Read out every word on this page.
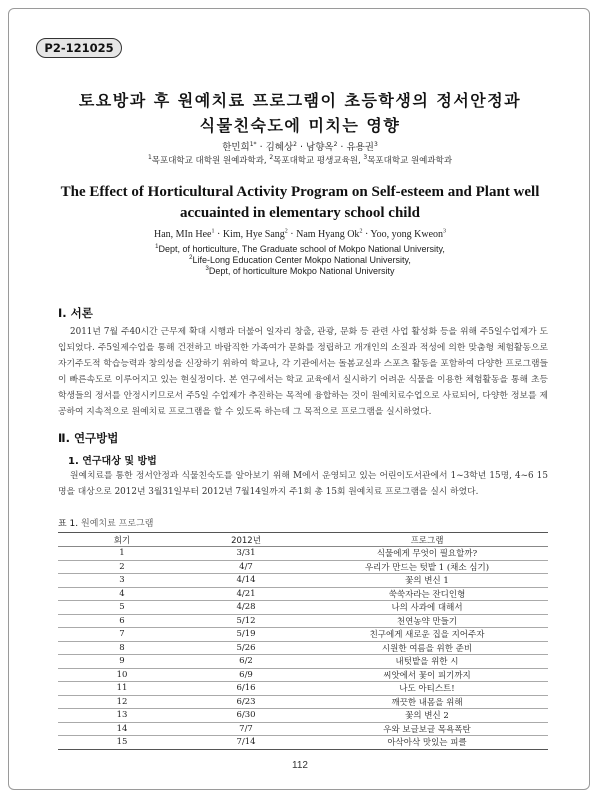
P2-121025
토요방과 후 원예치료 프로그램이 초등학생의 정서안정과
식물친숙도에 미치는 영향
한민희$^{1*}$ · 김혜상$^2$ · 남향옥$^2$ · 유용권$^3$
$^1$목포대학교 대학원 원예과학과, $^2$목포대학교 평생교육원, $^3$목포대학교 원예과학과
The Effect of Horticultural Activity Program on Self-esteem and Plant well
accuainted in elementary school child
Han, MIn Hee$^1$ · Kim, Hye Sang$^2$ · Nam Hyang $Ok^2$ · Yoo, yong Kweon$^3$
$^1$Dept, of horticulture, The Graduate school of Mokpo National University,
$^2$Life-Long Education Center Mokpo National University,
$^3$Dept, of horticulture Mokpo National University
Ⅰ. 서론

2011년 7월 주40시간 근무제 확대 시행과 더불어 일자리 창출, 관광, 문화 등 관련 사업 활성화 등을 위해 주5일수업제가 도입되었다. 주5일제수업을 통해 건전하고 바람직한 가족여가 문화를 정립하고 개개인의 소질과 적성에 의한 맞춤형 체험활동으로 자기주도적 학습능력과 창의성을 신장하기 위하여 학교나, 각 기관에서는 돌봄교실과 스포츠 활동을 포함하여 다양한 프로그램들이 빠른속도로 이루어지고 있는 현실정이다. 본 연구에서는 학교 교육에서 실시하기 어려운 식물을 이용한 체험활동을 통해 초등학생들의 정서를 안정시키므로서 주5일 수업제가 추진하는 목적에 융합하는 것이 원예치료수업으로 사료되어, 다양한 정보를 제공하여 지속적으로 원예치료 프로그램을 할 수 있도록 하는데 그 목적으로 프로그램을 실시하였다.

Ⅱ. 연구방법
1. 연구대상 및 방법

원예치료를 통한 정서안정과 식물친숙도를 알아보기 위해 M에서 운영되고 있는 어린이도서관에서 1~3학년 15명, 4~6 15명을 대상으로 2012년 3월31일부터 2012년 7월14일까지 주1회 총 15회 원예치료 프로그램을 실시 하였다.

표 1. 원예치료 프로그램
회기	2012년	프로그램
1	3/31	식물에게 무엇이 필요할까?
2	4/7	우리가 만드는 텃밭 1 (채소 심기)
3	4/14	꽃의 변신 1
4	4/21	쑥쑥자라는 잔디인형
5	4/28	나의 사과에 대해서
6	5/12	천연농약 만들기
7	5/19	친구에게 새로운 집을 지어주자
8	5/26	시원한 여름을 위한 준비
9	6/2	내텃밭을 위한 시
10	6/9	씨앗에서 꽃이 피기까지
11	6/16	나도 아티스트!
12	6/23	깨끗한 내몸을 위해
13	6/30	꽃의 변신 2
14	7/7	우와 보글보글 목욕폭탄
15	7/14	아삭아삭 맛있는 피클
112
